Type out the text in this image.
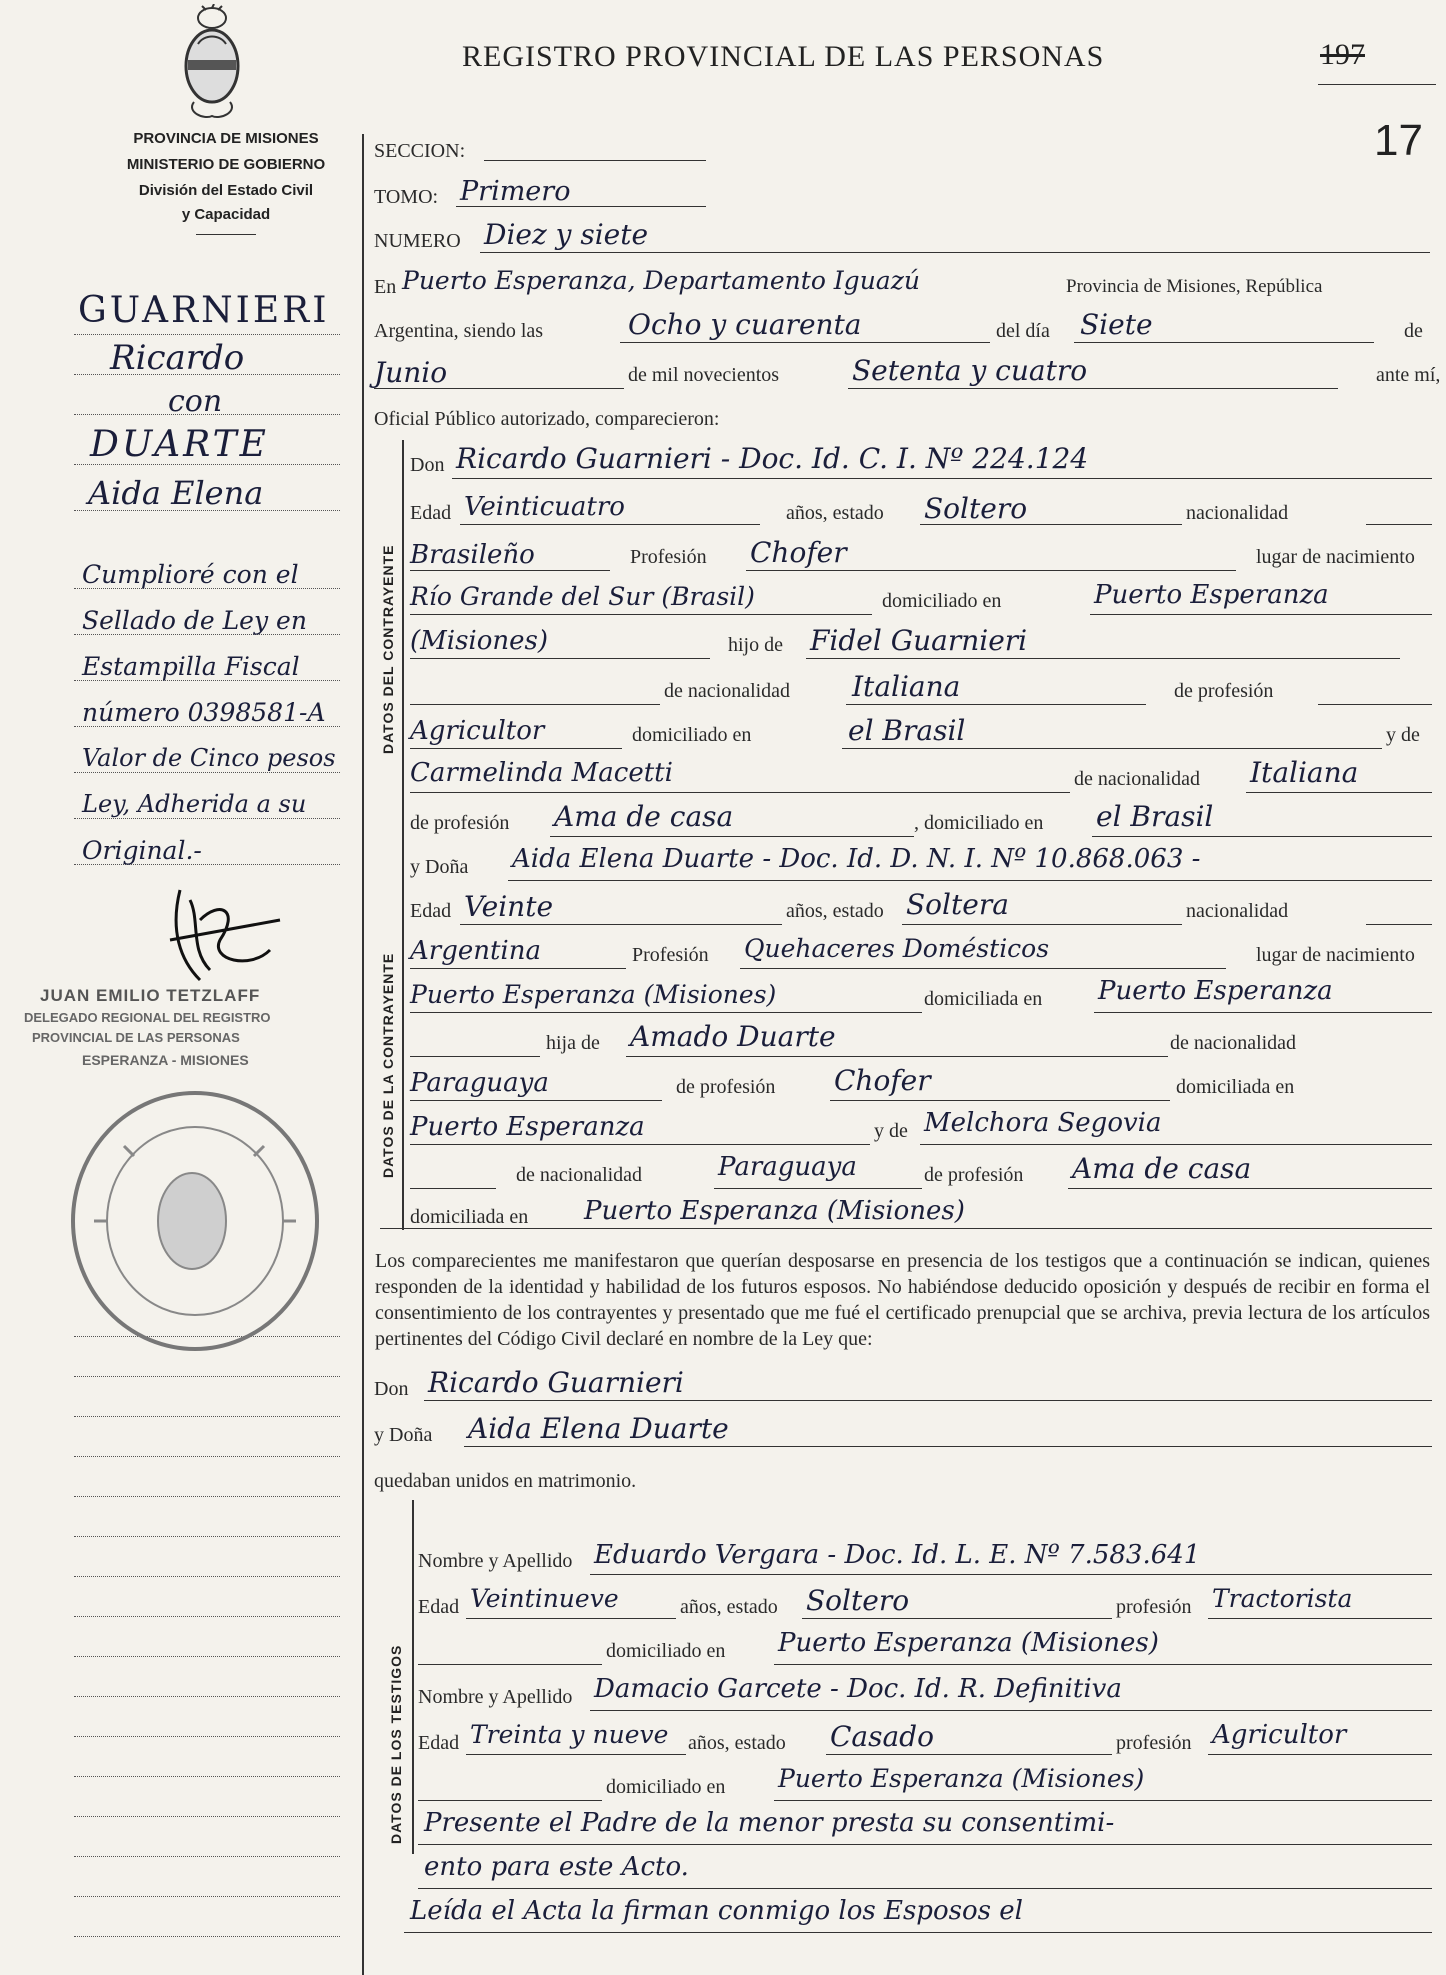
REGISTRO PROVINCIAL DE LAS PERSONAS	197
17
PROVINCIA DE MISIONES
MINISTERIO DE GOBIERNO
División del Estado Civil
y Capacidad
GUARNIERI
Ricardo
con
DUARTE
Aida Elena
Cumplioré con el
Sellado de Ley en
Estampilla Fiscal
número 0398581-A
Valor de Cinco pesos
Ley, Adherida a su
Original.-
JUAN EMILIO TETZLAFF
DELEGADO REGIONAL DEL REGISTRO
PROVINCIAL DE LAS PERSONAS
ESPERANZA - MISIONES
SECCION:
TOMO: Primero
NUMERO Diez y siete
En Puerto Esperanza, Departamento Iguazú	Provincia de Misiones, República
Argentina, siendo las	Ocho y cuarenta	del día Siete	de
Junio	de mil novecientos	Setenta y cuatro	ante mí,
Oficial Público autorizado, comparecieron:
DATOS DEL CONTRAYENTE
DATOS DE LA CONTRAYENTE
Don Ricardo Guarnieri - Doc. Id. C. I. Nº 224.124
Edad Veinticuatro	años, estado Soltero	nacionalidad
Brasileño	Profesión Chofer	lugar de nacimiento
Río Grande del Sur (Brasil)	domiciliado en	Puerto Esperanza
(Misiones)	hijo de Fidel Guarnieri
de nacionalidad Italiana	de profesión
Agricultor	domiciliado en	el Brasil	y de
Carmelinda Macetti	de nacionalidad Italiana
de profesión Ama de casa	, domiciliado en el Brasil
y Doña Aida Elena Duarte - Doc. Id. D. N. I. Nº 10.868.063 -
Edad Veinte	años, estado Soltera	nacionalidad
Argentina	Profesión Quehaceres Domésticos	lugar de nacimiento
Puerto Esperanza (Misiones)	domiciliada en Puerto Esperanza
hija de Amado Duarte	de nacionalidad
Paraguaya	de profesión Chofer	domiciliada en
Puerto Esperanza	y de Melchora Segovia
de nacionalidad	Paraguaya	de profesión Ama de casa
domiciliada en Puerto Esperanza (Misiones)
Los comparecientes me manifestaron que querían desposarse en presencia de los testigos que a continuación se indican, quienes responden de la identidad y habilidad de los futuros esposos. No habiéndose deducido oposición y después de recibir en forma el consentimiento de los contrayentes y presentado que me fué el certificado prenupcial que se archiva, previa lectura de los artículos pertinentes del Código Civil declaré en nombre de la Ley que:
Don Ricardo Guarnieri
y Doña Aida Elena Duarte
quedaban unidos en matrimonio.
DATOS DE LOS TESTIGOS
Nombre y Apellido Eduardo Vergara - Doc. Id. L. E. Nº 7.583.641
Edad Veintinueve	años, estado Soltero	profesión Tractorista
domiciliado en Puerto Esperanza (Misiones)
Nombre y Apellido Damacio Garcete - Doc. Id. R. Definitiva
Edad Treinta y nueve años, estado Casado	profesión Agricultor
domiciliado en Puerto Esperanza (Misiones)
Presente el Padre de la menor presta su consentimi-
ento para este Acto.
Leída el Acta la firman conmigo los Esposos el
